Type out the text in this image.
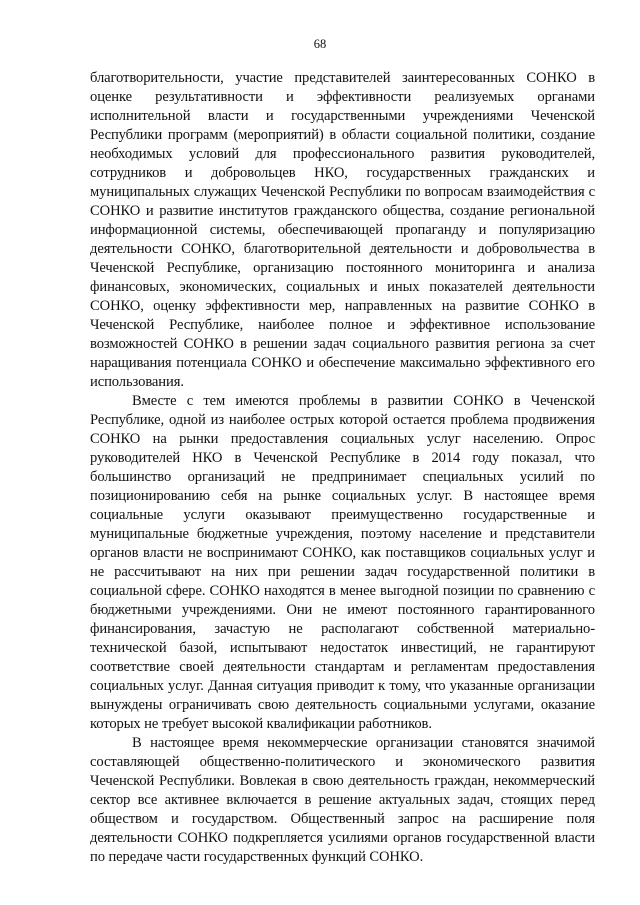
68

благотворительности, участие представителей заинтересованных СОНКО в оценке результативности и эффективности реализуемых органами исполнительной власти и государственными учреждениями Чеченской Республики программ (мероприятий) в области социальной политики, создание необходимых условий для профессионального развития руководителей, сотрудников и добровольцев НКО, государственных гражданских и муниципальных служащих Чеченской Республики по вопросам взаимодействия с СОНКО и развитие институтов гражданского общества, создание региональной информационной системы, обеспечивающей пропаганду и популяризацию деятельности СОНКО, благотворительной деятельности и добровольчества в Чеченской Республике, организацию постоянного мониторинга и анализа финансовых, экономических, социальных и иных показателей деятельности СОНКО, оценку эффективности мер, направленных на развитие СОНКО в Чеченской Республике, наиболее полное и эффективное использование возможностей СОНКО в решении задач социального развития региона за счет наращивания потенциала СОНКО и обеспечение максимально эффективного его использования.

Вместе с тем имеются проблемы в развитии СОНКО в Чеченской Республике, одной из наиболее острых которой остается проблема продвижения СОНКО на рынки предоставления социальных услуг населению. Опрос руководителей НКО в Чеченской Республике в 2014 году показал, что большинство организаций не предпринимает специальных усилий по позиционированию себя на рынке социальных услуг. В настоящее время социальные услуги оказывают преимущественно государственные и муниципальные бюджетные учреждения, поэтому население и представители органов власти не воспринимают СОНКО, как поставщиков социальных услуг и не рассчитывают на них при решении задач государственной политики в социальной сфере. СОНКО находятся в менее выгодной позиции по сравнению с бюджетными учреждениями. Они не имеют постоянного гарантированного финансирования, зачастую не располагают собственной материально-технической базой, испытывают недостаток инвестиций, не гарантируют соответствие своей деятельности стандартам и регламентам предоставления социальных услуг. Данная ситуация приводит к тому, что указанные организации вынуждены ограничивать свою деятельность социальными услугами, оказание которых не требует высокой квалификации работников.

В настоящее время некоммерческие организации становятся значимой составляющей общественно-политического и экономического развития Чеченской Республики. Вовлекая в свою деятельность граждан, некоммерческий сектор все активнее включается в решение актуальных задач, стоящих перед обществом и государством. Общественный запрос на расширение поля деятельности СОНКО подкрепляется усилиями органов государственной власти по передаче части государственных функций СОНКО.
